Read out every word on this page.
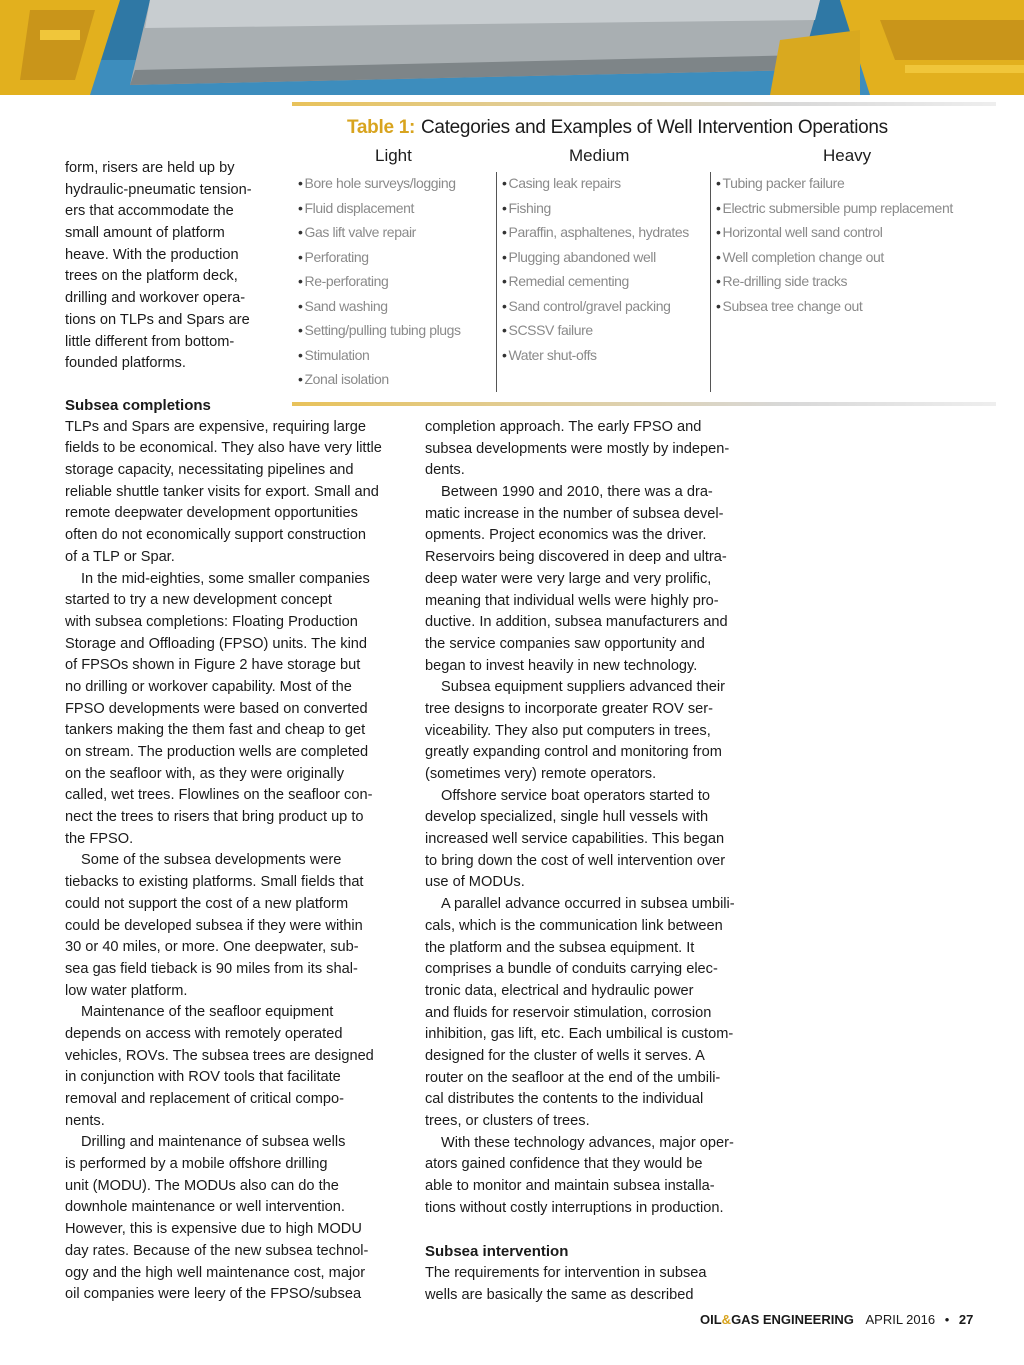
Table 1: Categories and Examples of Well Intervention Operations
Light	Medium	Heavy
• Bore hole surveys/logging
• Fluid displacement
• Gas lift valve repair
• Perforating
• Re-perforating
• Sand washing
• Setting/pulling tubing plugs
• Stimulation
• Zonal isolation
• Casing leak repairs
• Fishing
• Paraffin, asphaltenes, hydrates
• Plugging abandoned well
• Remedial cementing
• Sand control/gravel packing
• SCSSV failure
• Water shut-offs
• Tubing packer failure
• Electric submersible pump replacement
• Horizontal well sand control
• Well completion change out
• Re-drilling side tracks
• Subsea tree change out
form, risers are held up by
hydraulic-pneumatic tension-
ers that accommodate the
small amount of platform
heave. With the production
trees on the platform deck,
drilling and workover opera-
tions on TLPs and Spars are
little different from bottom-
founded platforms.
Subsea completions
TLPs and Spars are expensive, requiring large
fields to be economical. They also have very little
storage capacity, necessitating pipelines and
reliable shuttle tanker visits for export. Small and
remote deepwater development opportunities
often do not economically support construction
of a TLP or Spar.
In the mid-eighties, some smaller companies
started to try a new development concept
with subsea completions: Floating Production
Storage and Offloading (FPSO) units. The kind
of FPSOs shown in Figure 2 have storage but
no drilling or workover capability. Most of the
FPSO developments were based on converted
tankers making the them fast and cheap to get
on stream. The production wells are completed
on the seafloor with, as they were originally
called, wet trees. Flowlines on the seafloor con-
nect the trees to risers that bring product up to
the FPSO.
Some of the subsea developments were
tiebacks to existing platforms. Small fields that
could not support the cost of a new platform
could be developed subsea if they were within
30 or 40 miles, or more. One deepwater, sub-
sea gas field tieback is 90 miles from its shal-
low water platform.
Maintenance of the seafloor equipment
depends on access with remotely operated
vehicles, ROVs. The subsea trees are designed
in conjunction with ROV tools that facilitate
removal and replacement of critical compo-
nents.
Drilling and maintenance of subsea wells
is performed by a mobile offshore drilling
unit (MODU). The MODUs also can do the
downhole maintenance or well intervention.
However, this is expensive due to high MODU
day rates. Because of the new subsea technol-
ogy and the high well maintenance cost, major
oil companies were leery of the FPSO/subsea
completion approach. The early FPSO and
subsea developments were mostly by indepen-
dents.
Between 1990 and 2010, there was a dra-
matic increase in the number of subsea devel-
opments. Project economics was the driver.
Reservoirs being discovered in deep and ultra-
deep water were very large and very prolific,
meaning that individual wells were highly pro-
ductive. In addition, subsea manufacturers and
the service companies saw opportunity and
began to invest heavily in new technology.
Subsea equipment suppliers advanced their
tree designs to incorporate greater ROV ser-
viceability. They also put computers in trees,
greatly expanding control and monitoring from
(sometimes very) remote operators.
Offshore service boat operators started to
develop specialized, single hull vessels with
increased well service capabilities. This began
to bring down the cost of well intervention over
use of MODUs.
A parallel advance occurred in subsea umbili-
cals, which is the communication link between
the platform and the subsea equipment. It
comprises a bundle of conduits carrying elec-
tronic data, electrical and hydraulic power
and fluids for reservoir stimulation, corrosion
inhibition, gas lift, etc. Each umbilical is custom-
designed for the cluster of wells it serves. A
router on the seafloor at the end of the umbili-
cal distributes the contents to the individual
trees, or clusters of trees.
With these technology advances, major oper-
ators gained confidence that they would be
able to monitor and maintain subsea installa-
tions without costly interruptions in production.
Subsea intervention
The requirements for intervention in subsea
wells are basically the same as described
OIL&GAS ENGINEERING APRIL 2016 • 27
